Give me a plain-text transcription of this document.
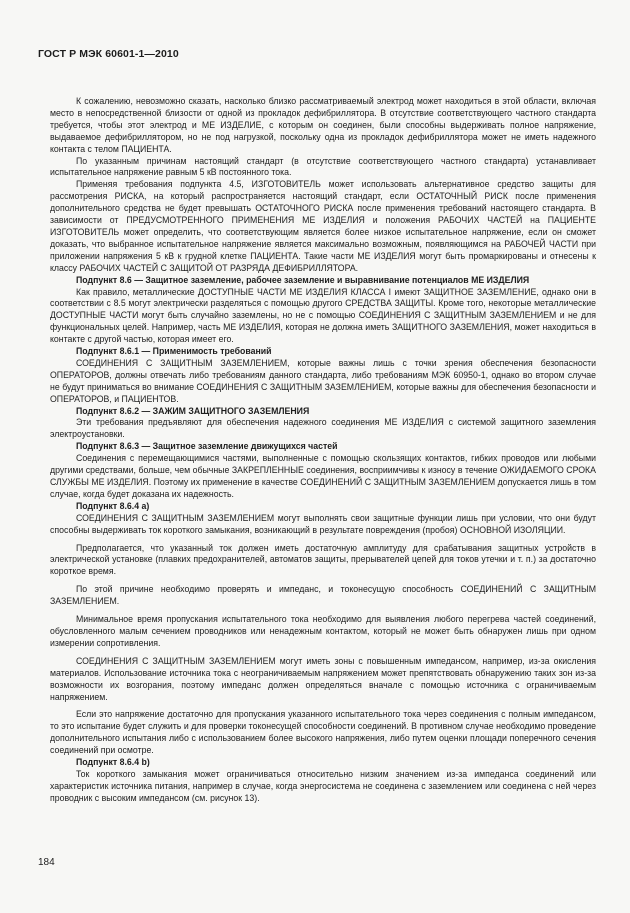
ГОСТ Р МЭК 60601-1—2010

К сожалению, невозможно сказать, насколько близко рассматриваемый электрод может находиться в этой области, включая место в непосредственной близости от одной из прокладок дефибриллятора. В отсутствие соответствующего частного стандарта требуется, чтобы этот электрод и МЕ ИЗДЕЛИЕ, с которым он соединен, были способны выдерживать полное напряжение, выдаваемое дефибриллятором, но не под нагрузкой, поскольку одна из прокладок дефибриллятора может не иметь надежного контакта с телом ПАЦИЕНТА.

По указанным причинам настоящий стандарт (в отсутствие соответствующего частного стандарта) устанавливает испытательное напряжение равным 5 кВ постоянного тока.

Применяя требования подпункта 4.5, ИЗГОТОВИТЕЛЬ может использовать альтернативное средство защиты для рассмотрения РИСКА, на который распространяется настоящий стандарт, если ОСТАТОЧНЫЙ РИСК после применения дополнительного средства не будет превышать ОСТАТОЧНОГО РИСКА после применения требований настоящего стандарта. В зависимости от ПРЕДУСМОТРЕННОГО ПРИМЕНЕНИЯ МЕ ИЗДЕЛИЯ и положения РАБОЧИХ ЧАСТЕЙ на ПАЦИЕНТЕ ИЗГОТОВИТЕЛЬ может определить, что соответствующим является более низкое испытательное напряжение, если он сможет доказать, что выбранное испытательное напряжение является максимально возможным, появляющимся на РАБОЧЕЙ ЧАСТИ при приложении напряжения 5 кВ к грудной клетке ПАЦИЕНТА. Такие части МЕ ИЗДЕЛИЯ могут быть промаркированы и отнесены к классу РАБОЧИХ ЧАСТЕЙ С ЗАЩИТОЙ ОТ РАЗРЯДА ДЕФИБРИЛЛЯТОРА.

Подпункт 8.6 — Защитное заземление, рабочее заземление и выравнивание потенциалов МЕ ИЗДЕЛИЯ

Как правило, металлические ДОСТУПНЫЕ ЧАСТИ МЕ ИЗДЕЛИЯ КЛАССА I имеют ЗАЩИТНОЕ ЗАЗЕМЛЕНИЕ, однако они в соответствии с 8.5 могут электрически разделяться с помощью другого СРЕДСТВА ЗАЩИТЫ. Кроме того, некоторые металлические ДОСТУПНЫЕ ЧАСТИ могут быть случайно заземлены, но не с помощью СОЕДИНЕНИЯ С ЗАЩИТНЫМ ЗАЗЕМЛЕНИЕМ и не для функциональных целей. Например, часть МЕ ИЗДЕЛИЯ, которая не должна иметь ЗАЩИТНОГО ЗАЗЕМЛЕНИЯ, может находиться в контакте с другой частью, которая имеет его.

Подпункт 8.6.1 — Применимость требований

СОЕДИНЕНИЯ С ЗАЩИТНЫМ ЗАЗЕМЛЕНИЕМ, которые важны лишь с точки зрения обеспечения безопасности ОПЕРАТОРОВ, должны отвечать либо требованиям данного стандарта, либо требованиям МЭК 60950-1, однако во втором случае не будут приниматься во внимание СОЕДИНЕНИЯ С ЗАЩИТНЫМ ЗАЗЕМЛЕНИЕМ, которые важны для обеспечения безопасности и ОПЕРАТОРОВ, и ПАЦИЕНТОВ.

Подпункт 8.6.2 — ЗАЖИМ ЗАЩИТНОГО ЗАЗЕМЛЕНИЯ

Эти требования предъявляют для обеспечения надежного соединения МЕ ИЗДЕЛИЯ с системой защитного заземления электроустановки.

Подпункт 8.6.3 — Защитное заземление движущихся частей

Соединения с перемещающимися частями, выполненные с помощью скользящих контактов, гибких проводов или любыми другими средствами, больше, чем обычные ЗАКРЕПЛЕННЫЕ соединения, восприимчивы к износу в течение ОЖИДАЕМОГО СРОКА СЛУЖБЫ МЕ ИЗДЕЛИЯ. Поэтому их применение в качестве СОЕДИНЕНИЙ С ЗАЩИТНЫМ ЗАЗЕМЛЕНИЕМ допускается лишь в том случае, когда будет доказана их надежность.

Подпункт 8.6.4 а)

СОЕДИНЕНИЯ С ЗАЩИТНЫМ ЗАЗЕМЛЕНИЕМ могут выполнять свои защитные функции лишь при условии, что они будут способны выдерживать ток короткого замыкания, возникающий в результате повреждения (пробоя) ОСНОВНОЙ ИЗОЛЯЦИИ.

Предполагается, что указанный ток должен иметь достаточную амплитуду для срабатывания защитных устройств в электрической установке (плавких предохранителей, автоматов защиты, прерывателей цепей для токов утечки и т. п.) за достаточно короткое время.

По этой причине необходимо проверять и импеданс, и токонесущую способность СОЕДИНЕНИЙ С ЗАЩИТНЫМ ЗАЗЕМЛЕНИЕМ.

Минимальное время пропускания испытательного тока необходимо для выявления любого перегрева частей соединений, обусловленного малым сечением проводников или ненадежным контактом, который не может быть обнаружен лишь при одном измерении сопротивления.

СОЕДИНЕНИЯ С ЗАЩИТНЫМ ЗАЗЕМЛЕНИЕМ могут иметь зоны с повышенным импедансом, например, из-за окисления материалов. Использование источника тока с неограничиваемым напряжением может препятствовать обнаружению таких зон из-за возможности их возгорания, поэтому импеданс должен определяться вначале с помощью источника с ограничиваемым напряжением.

Если это напряжение достаточно для пропускания указанного испытательного тока через соединения с полным импедансом, то это испытание будет служить и для проверки токонесущей способности соединений. В противном случае необходимо проведение дополнительного испытания либо с использованием более высокого напряжения, либо путем оценки площади поперечного сечения соединений при осмотре.

Подпункт 8.6.4 b)

Ток короткого замыкания может ограничиваться относительно низким значением из-за импеданса соединений или характеристик источника питания, например в случае, когда энергосистема не соединена с заземлением или соединена с ней через проводник с высоким импедансом (см. рисунок 13).

184
